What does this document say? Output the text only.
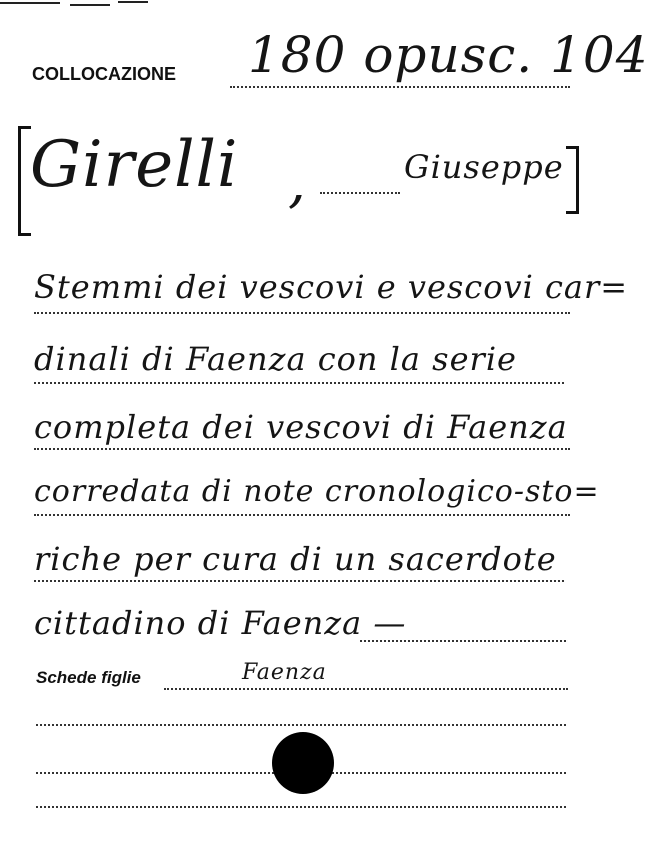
COLLOCAZIONE 180 opusc. 104
Girelli ,	Giuseppe
Stemmi dei vescovi e vescovi car=
dinali di Faenza con la serie
completa dei vescovi di Faenza
corredata di note cronologico-sto=
riche per cura di un sacerdote
cittadino di Faenza —
Schede figlie	Faenza
